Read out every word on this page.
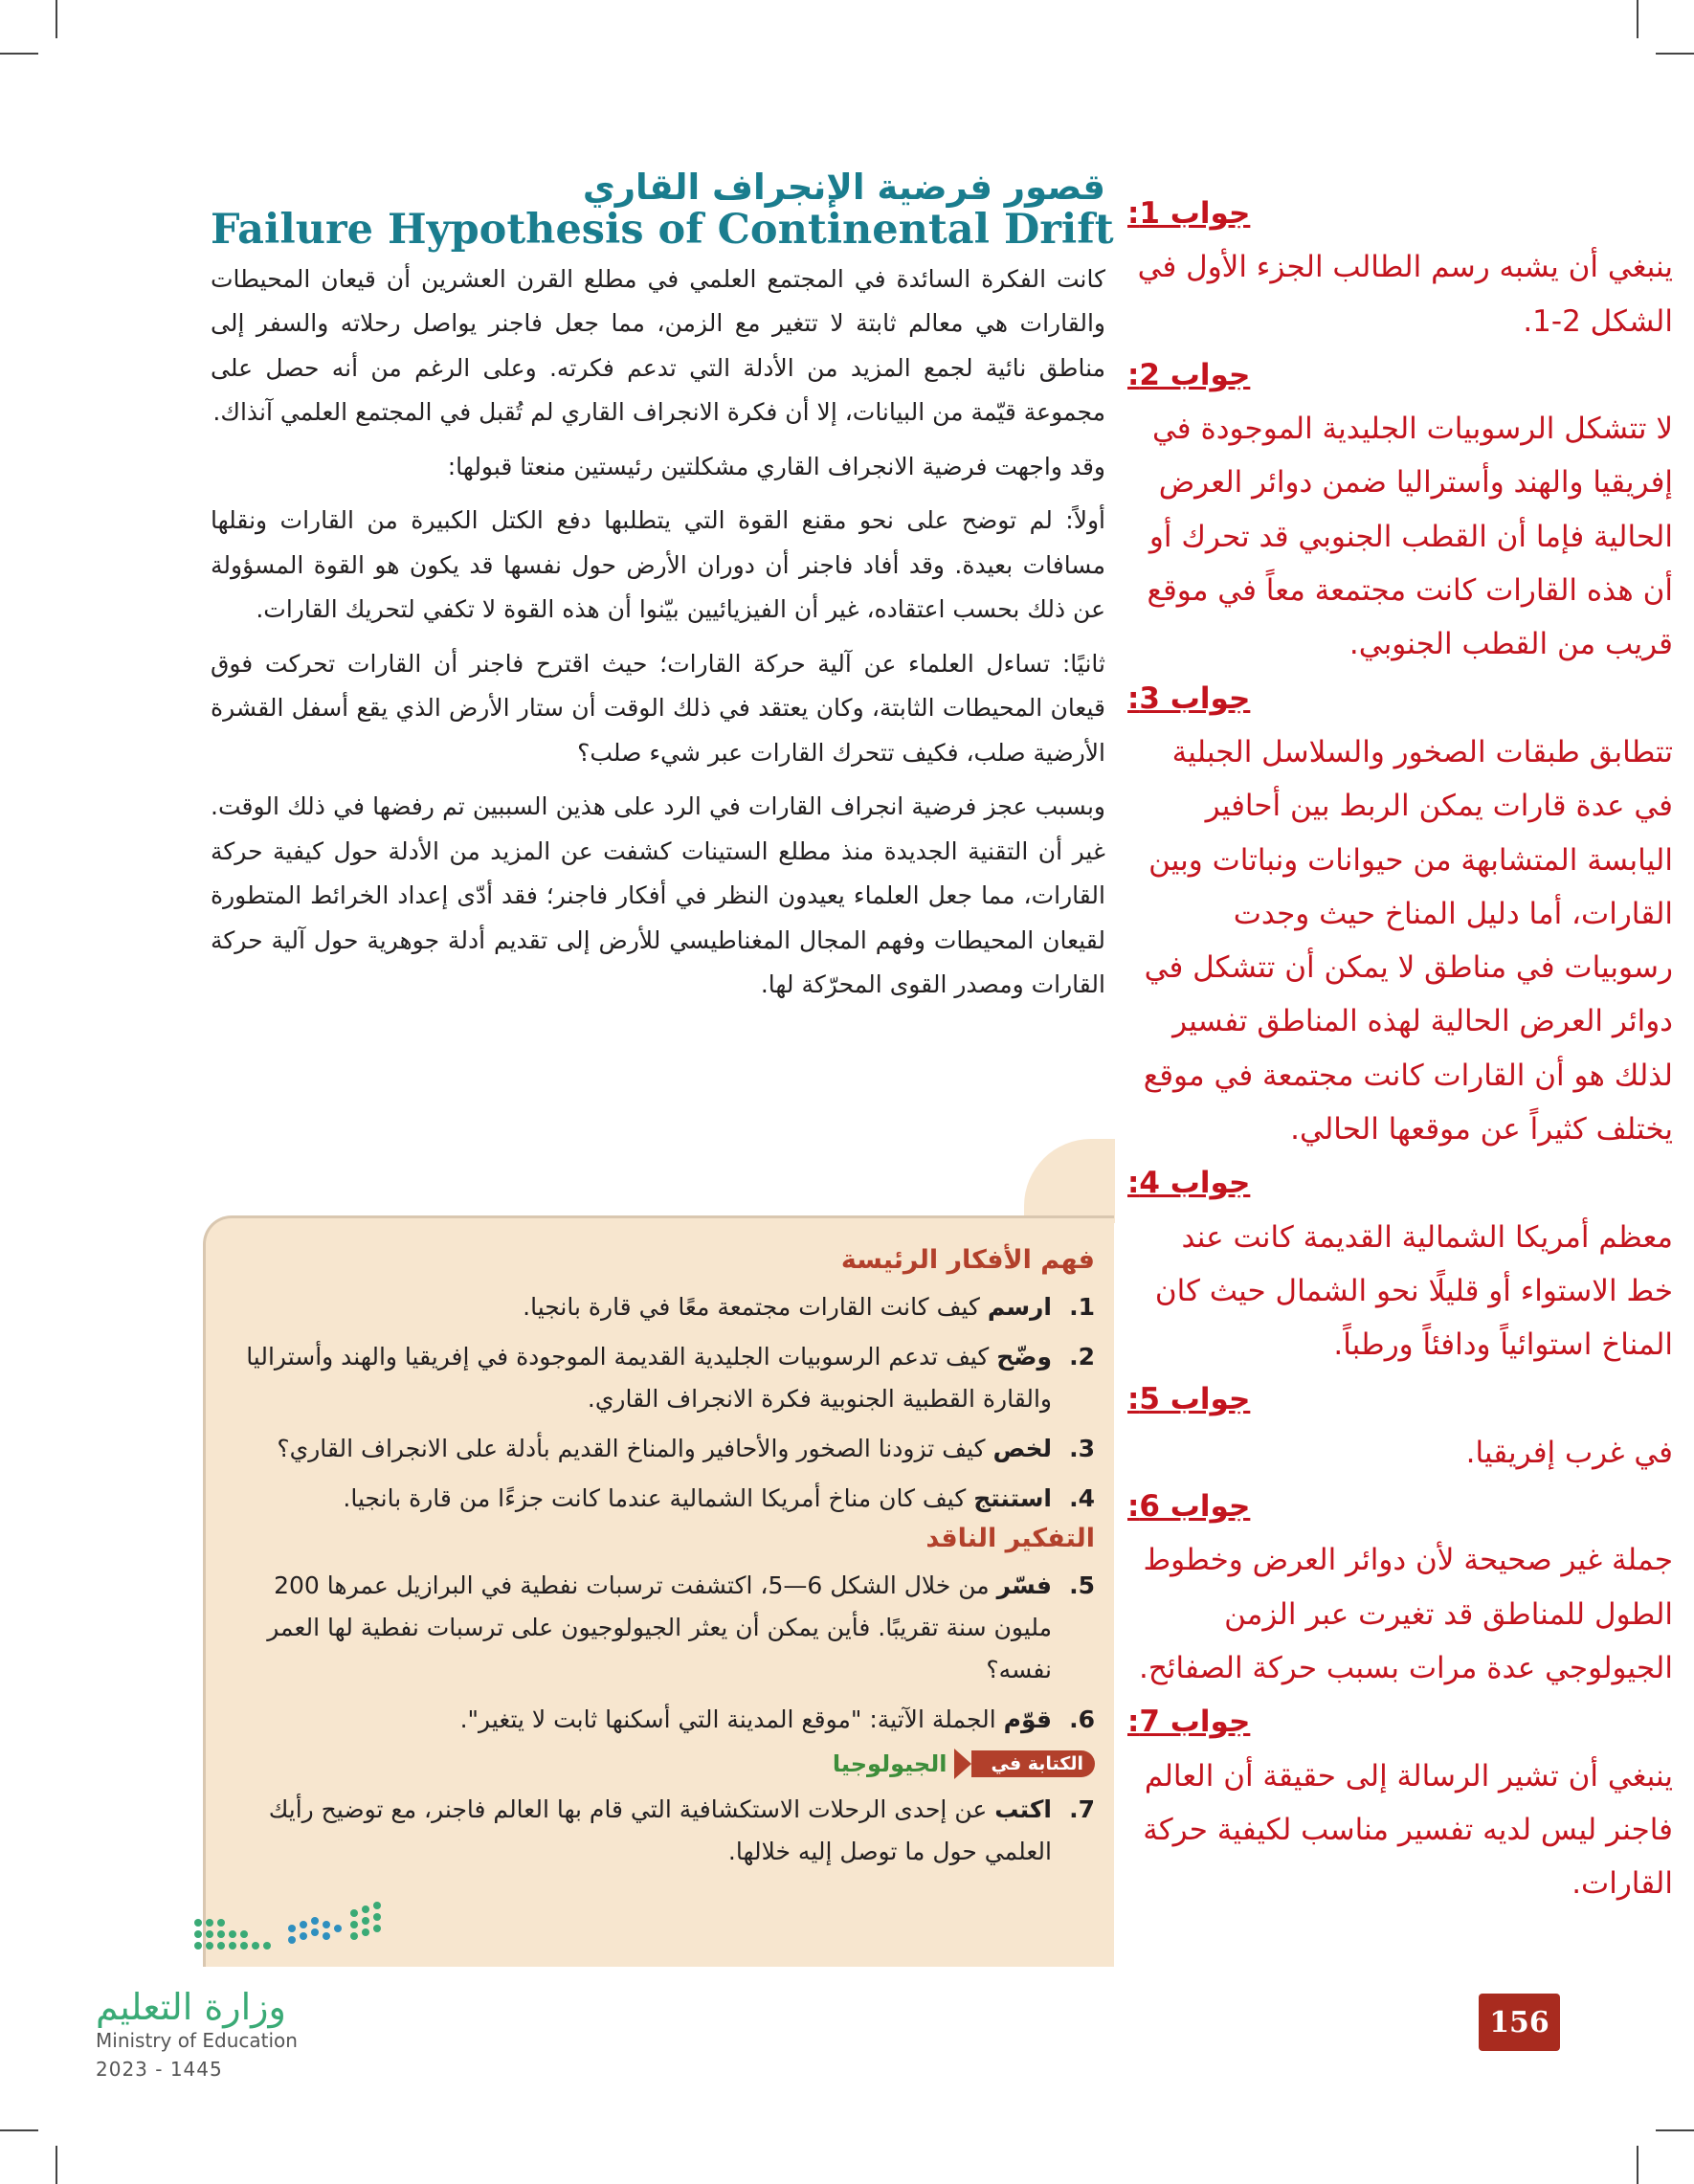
قصور فرضية الإنجراف القاري
Failure Hypothesis of Continental Drift

كانت الفكرة السائدة في المجتمع العلمي في مطلع القرن العشرين أن قيعان المحيطات والقارات هي معالم ثابتة لا تتغير مع الزمن، مما جعل فاجنر يواصل رحلاته والسفر إلى مناطق نائية لجمع المزيد من الأدلة التي تدعم فكرته. وعلى الرغم من أنه حصل على مجموعة قيّمة من البيانات، إلا أن فكرة الانجراف القاري لم تُقبل في المجتمع العلمي آنذاك.

وقد واجهت فرضية الانجراف القاري مشكلتين رئيستين منعتا قبولها:

أولاً: لم توضح على نحو مقنع القوة التي يتطلبها دفع الكتل الكبيرة من القارات ونقلها مسافات بعيدة. وقد أفاد فاجنر أن دوران الأرض حول نفسها قد يكون هو القوة المسؤولة عن ذلك بحسب اعتقاده، غير أن الفيزيائيين بيّنوا أن هذه القوة لا تكفي لتحريك القارات.

ثانيًا: تساءل العلماء عن آلية حركة القارات؛ حيث اقترح فاجنر أن القارات تحركت فوق قيعان المحيطات الثابتة، وكان يعتقد في ذلك الوقت أن ستار الأرض الذي يقع أسفل القشرة الأرضية صلب، فكيف تتحرك القارات عبر شيء صلب؟

وبسبب عجز فرضية انجراف القارات في الرد على هذين السببين تم رفضها في ذلك الوقت. غير أن التقنية الجديدة منذ مطلع الستينات كشفت عن المزيد من الأدلة حول كيفية حركة القارات، مما جعل العلماء يعيدون النظر في أفكار فاجنر؛ فقد أدّى إعداد الخرائط المتطورة لقيعان المحيطات وفهم المجال المغناطيسي للأرض إلى تقديم أدلة جوهرية حول آلية حركة القارات ومصدر القوى المحرّكة لها.

فهم الأفكار الرئيسة
1.
ارسم كيف كانت القارات مجتمعة معًا في قارة بانجيا.
2.
وضّح كيف تدعم الرسوبيات الجليدية القديمة الموجودة في إفريقيا والهند وأستراليا والقارة القطبية الجنوبية فكرة الانجراف القاري.
3.
لخص كيف تزودنا الصخور والأحافير والمناخ القديم بأدلة على الانجراف القاري؟
4.
استنتج كيف كان مناخ أمريكا الشمالية عندما كانت جزءًا من قارة بانجيا.
التفكير الناقد
5.
فسّر من خلال الشكل 6—5، اكتشفت ترسبات نفطية في البرازيل عمرها 200 مليون سنة تقريبًا. فأين يمكن أن يعثر الجيولوجيون على ترسبات نفطية لها العمر نفسه؟
6.
قوّم الجملة الآتية: "موقع المدينة التي أسكنها ثابت لا يتغير".
الكتابة في
الجيولوجيا
7.
اكتب عن إحدى الرحلات الاستكشافية التي قام بها العالم فاجنر، مع توضيح رأيك العلمي حول ما توصل إليه خلالها.
جواب 1:
ينبغي أن يشبه رسم الطالب الجزء الأول في الشكل 2-1.
جواب 2:
لا تتشكل الرسوبيات الجليدية الموجودة في إفريقيا والهند وأستراليا ضمن دوائر العرض الحالية فإما أن القطب الجنوبي قد تحرك أو أن هذه القارات كانت مجتمعة معاً في موقع قريب من القطب الجنوبي.
جواب 3:
تتطابق طبقات الصخور والسلاسل الجبلية في عدة قارات يمكن الربط بين أحافير اليابسة المتشابهة من حيوانات ونباتات وبين القارات، أما دليل المناخ حيث وجدت رسوبيات في مناطق لا يمكن أن تتشكل في دوائر العرض الحالية لهذه المناطق تفسير لذلك هو أن القارات كانت مجتمعة في موقع يختلف كثيراً عن موقعها الحالي.
جواب 4:
معظم أمريكا الشمالية القديمة كانت عند خط الاستواء أو قليلًا نحو الشمال حيث كان المناخ استوائياً ودافئاً ورطباً.
جواب 5:
في غرب إفريقيا.
جواب 6:
جملة غير صحيحة لأن دوائر العرض وخطوط الطول للمناطق قد تغيرت عبر الزمن الجيولوجي عدة مرات بسبب حركة الصفائح.
جواب 7:
ينبغي أن تشير الرسالة إلى حقيقة أن العالم فاجنر ليس لديه تفسير مناسب لكيفية حركة القارات.
وزارة التعليم
Ministry of Education
2023 - 1445
156
